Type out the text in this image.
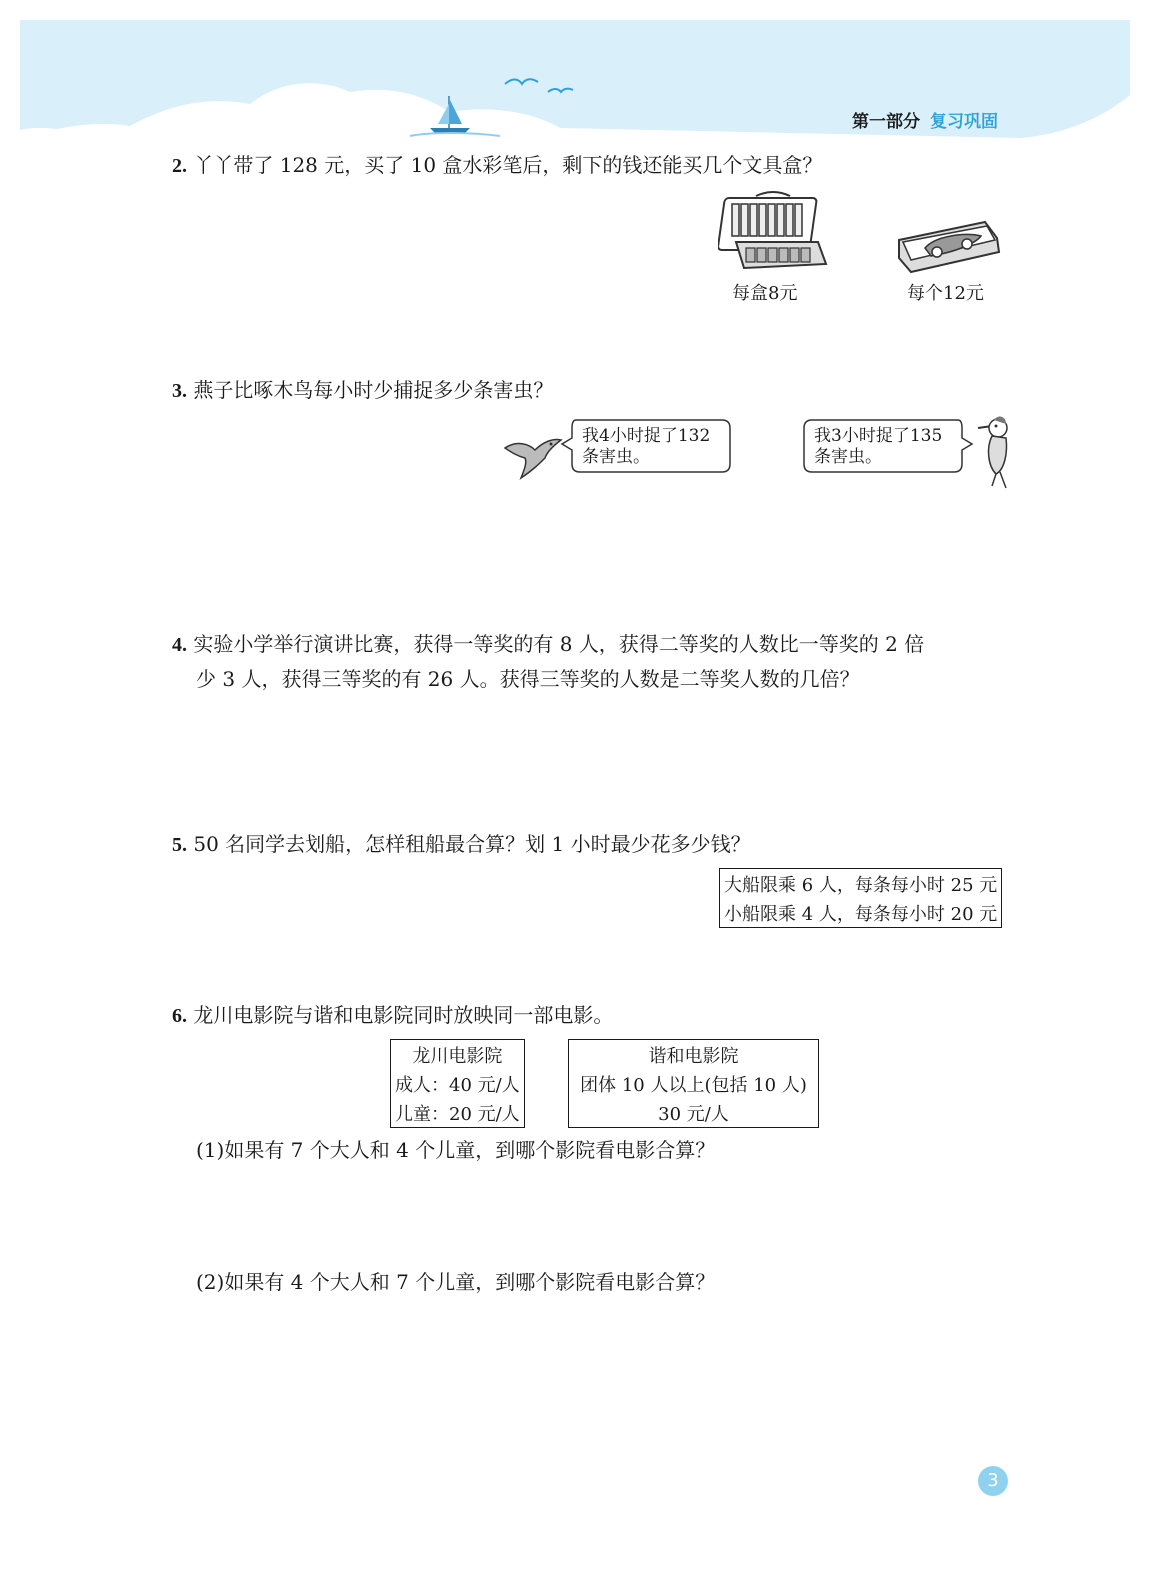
第一部分 复习巩固
2. 丫丫带了 128 元，买了 10 盒水彩笔后，剩下的钱还能买几个文具盒？
每盒8元	每个12元
3. 燕子比啄木鸟每小时少捕捉多少条害虫？
我4小时捉了132
条害虫。
我3小时捉了135
条害虫。
4. 实验小学举行演讲比赛，获得一等奖的有 8 人，获得二等奖的人数比一等奖的 2 倍
少 3 人，获得三等奖的有 26 人。获得三等奖的人数是二等奖人数的几倍？
5. 50 名同学去划船，怎样租船最合算？划 1 小时最少花多少钱？
大船限乘 6 人，每条每小时 25 元
小船限乘 4 人，每条每小时 20 元
6. 龙川电影院与谐和电影院同时放映同一部电影。
龙川电影院
成人：40 元/人
儿童：20 元/人
谐和电影院
团体 10 人以上(包括 10 人)
30 元/人
(1)如果有 7 个大人和 4 个儿童，到哪个影院看电影合算？
(2)如果有 4 个大人和 7 个儿童，到哪个影院看电影合算？
3
